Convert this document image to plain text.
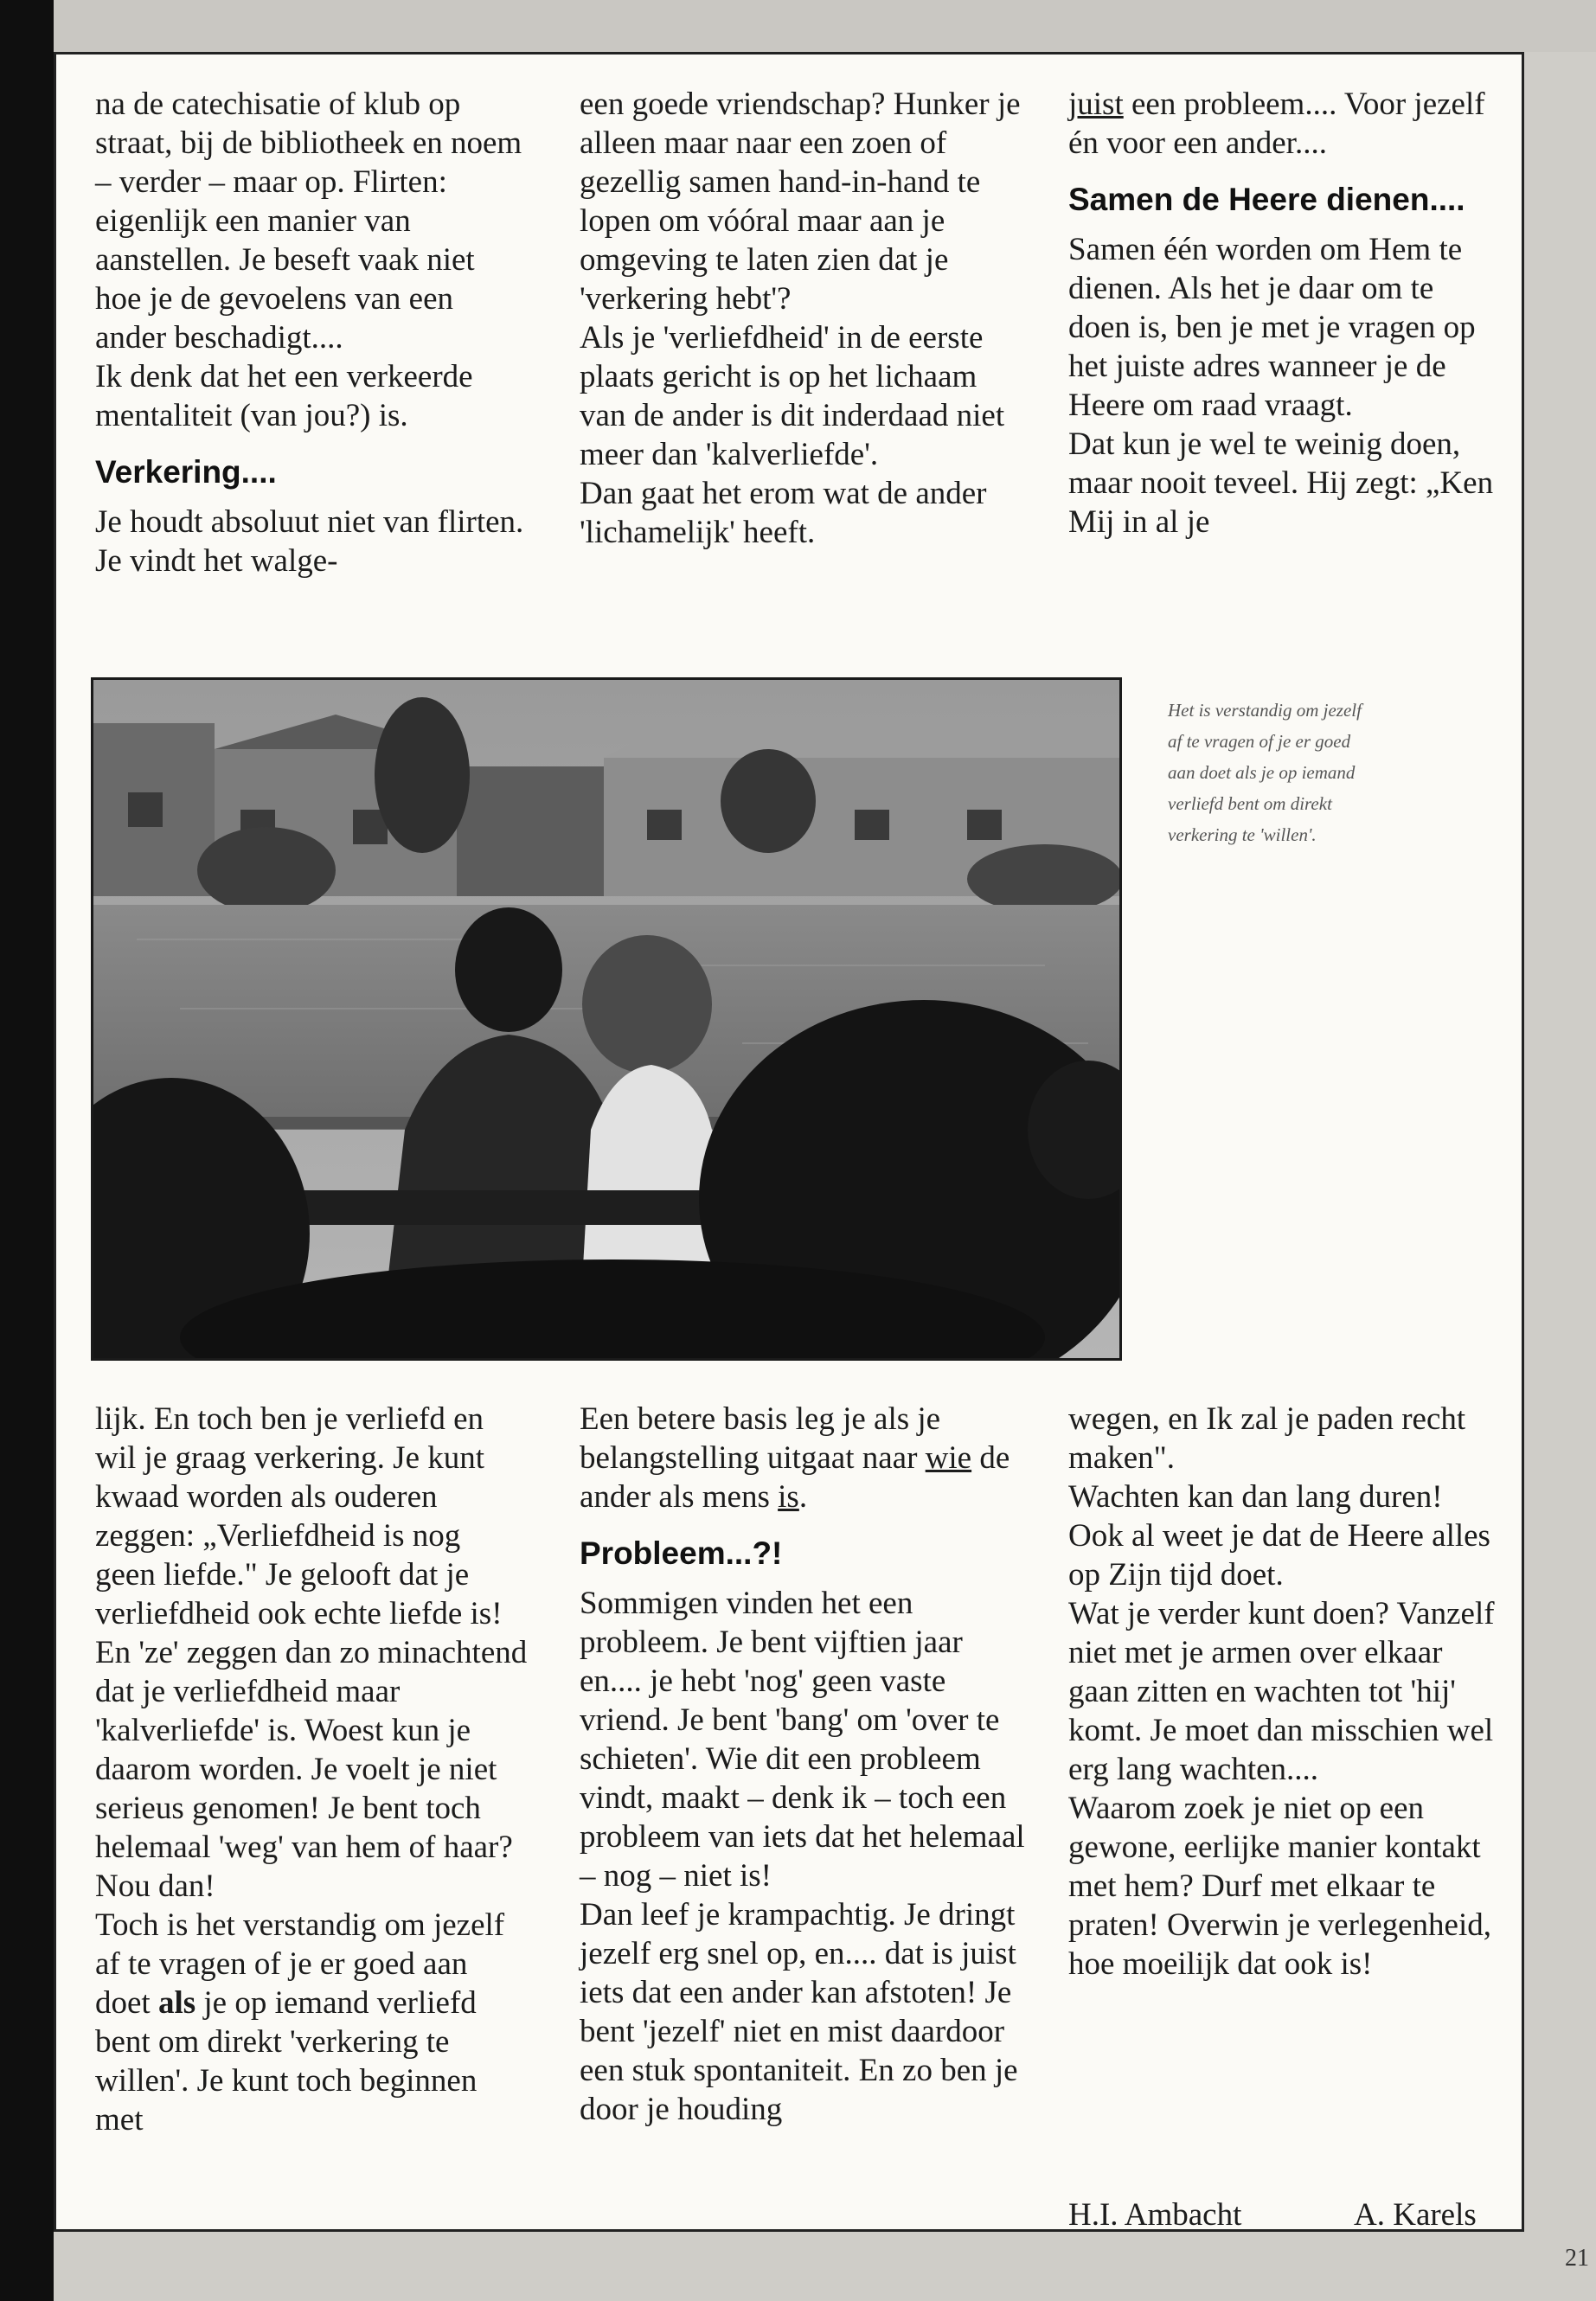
na de catechisatie of klub op straat, bij de bibliotheek en noem – verder – maar op. Flirten: eigenlijk een manier van aanstellen. Je beseft vaak niet hoe je de gevoelens van een ander beschadigt....

Ik denk dat het een verkeerde mentaliteit (van jou?) is.

Verkering....

Je houdt absoluut niet van flirten. Je vindt het walge-

een goede vriendschap? Hunker je alleen maar naar een zoen of gezellig samen hand-in-hand te lopen om vóóral maar aan je omgeving te laten zien dat je 'verkering hebt'?

Als je 'verliefdheid' in de eerste plaats gericht is op het lichaam van de ander is dit inderdaad niet meer dan 'kalverliefde'.

Dan gaat het erom wat de ander 'lichamelijk' heeft.

juist een probleem.... Voor jezelf én voor een ander....

Samen de Heere dienen....

Samen één worden om Hem te dienen. Als het je daar om te doen is, ben je met je vragen op het juiste adres wanneer je de Heere om raad vraagt.

Dat kun je wel te weinig doen, maar nooit teveel. Hij zegt: „Ken Mij in al je

Het is verstandig om jezelf af te vragen of je er goed aan doet als je op iemand verliefd bent om direkt verkering te 'willen'.

lijk. En toch ben je verliefd en wil je graag verkering. Je kunt kwaad worden als ouderen zeggen: „Verliefdheid is nog geen liefde." Je gelooft dat je verliefdheid ook echte liefde is! En 'ze' zeggen dan zo minachtend dat je verliefdheid maar 'kalverliefde' is. Woest kun je daarom worden. Je voelt je niet serieus genomen! Je bent toch helemaal 'weg' van hem of haar? Nou dan!

Toch is het verstandig om jezelf af te vragen of je er goed aan doet als je op iemand verliefd bent om direkt 'verkering te willen'. Je kunt toch beginnen met

Een betere basis leg je als je belangstelling uitgaat naar wie de ander als mens is.

Probleem...?!

Sommigen vinden het een probleem. Je bent vijftien jaar en.... je hebt 'nog' geen vaste vriend. Je bent 'bang' om 'over te schieten'. Wie dit een probleem vindt, maakt – denk ik – toch een probleem van iets dat het helemaal – nog – niet is!

Dan leef je krampachtig. Je dringt jezelf erg snel op, en.... dat is juist iets dat een ander kan afstoten! Je bent 'jezelf' niet en mist daardoor een stuk spontaniteit. En zo ben je door je houding

wegen, en Ik zal je paden recht maken".

Wachten kan dan lang duren! Ook al weet je dat de Heere alles op Zijn tijd doet.

Wat je verder kunt doen? Vanzelf niet met je armen over elkaar gaan zitten en wachten tot 'hij' komt. Je moet dan misschien wel erg lang wachten....

Waarom zoek je niet op een gewone, eerlijke manier kontakt met hem? Durf met elkaar te praten! Overwin je verlegenheid, hoe moeilijk dat ook is!

H.I. Ambacht	A. Karels
21
